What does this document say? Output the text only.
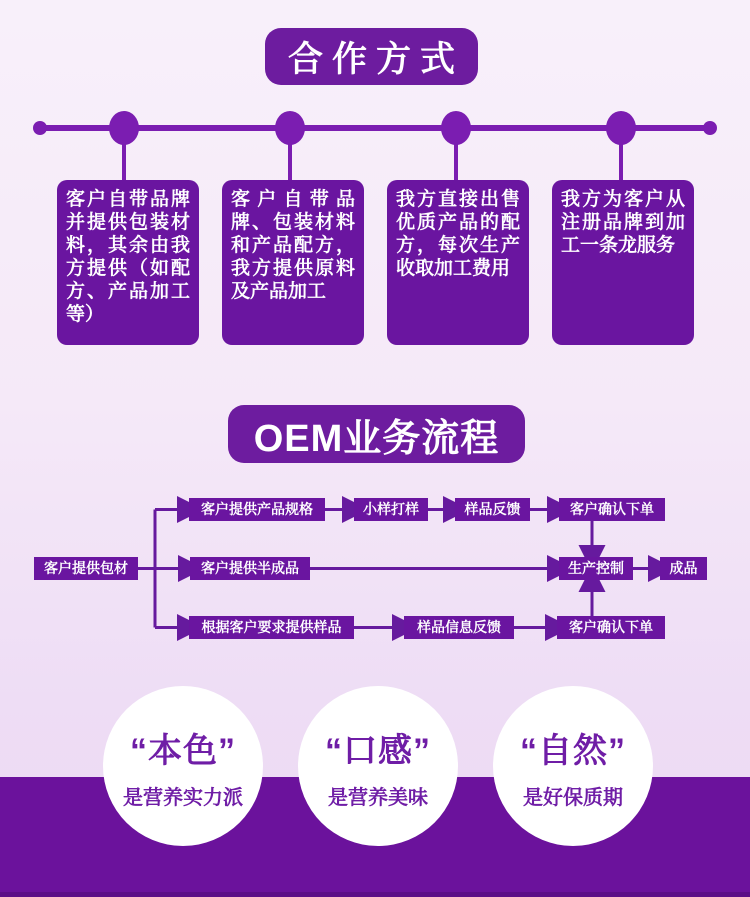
合作方式
客户自带品牌并提供包装材料，其余由我方提供（如配方、产品加工等）
客户自带品牌、包装材料和产品配方，我方提供原料及产品加工
我方直接出售优质产品的配方，每次生产收取加工费用
我方为客户从注册品牌到加工一条龙服务
OEM业务流程
客户提供包材
客户提供产品规格	小样打样	样品反馈	客户确认下单
客户提供半成品	生产控制	成品
根据客户要求提供样品	样品信息反馈	客户确认下单
“本色”
是营养实力派
“口感”
是营养美味
“自然”
是好保质期
